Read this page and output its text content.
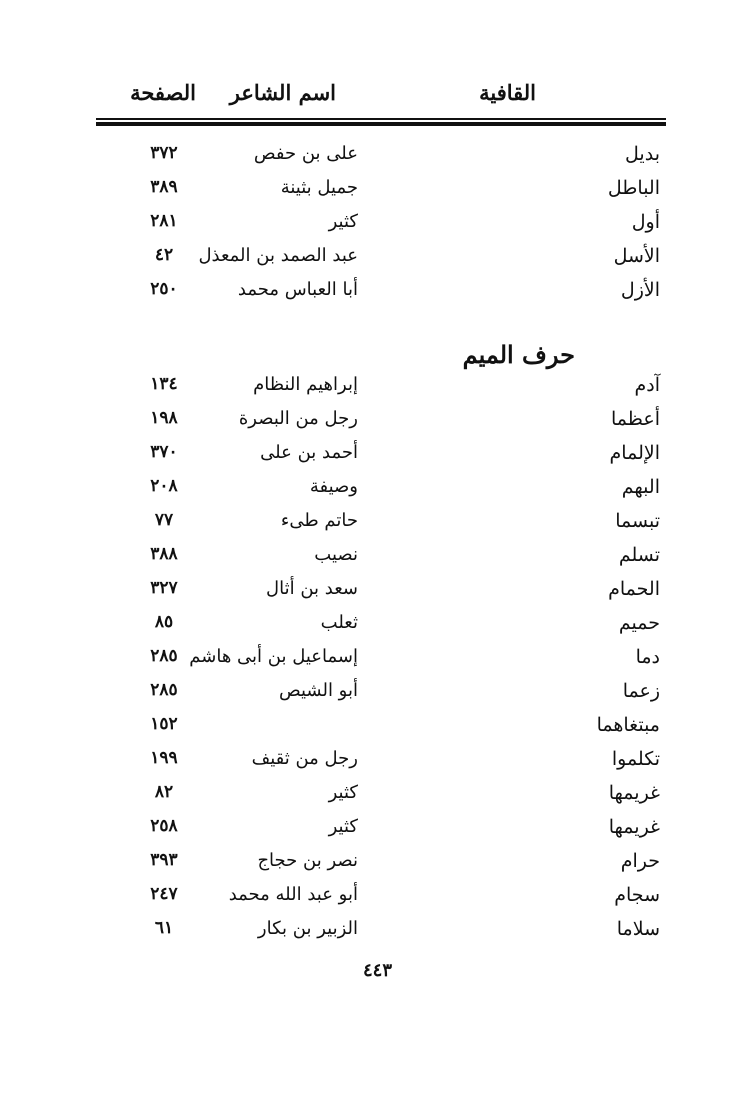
القافية
اسم الشاعر
الصفحة
بديل
على بن حفص
٣٧٢
الباطل
جميل بثينة
٣٨٩
أول
كثير
٢٨١
الأسل
عبد الصمد بن المعذل
٤٢
الأزل
أبا العباس محمد
٢٥٠
حرف الميم
آدم
إبراهيم النظام
١٣٤
أعظما
رجل من البصرة
١٩٨
الإلمام
أحمد بن على
٣٧٠
البهم
وصيفة
٢٠٨
تبسما
حاتم طىء
٧٧
تسلم
نصيب
٣٨٨
الحمام
سعد بن أثال
٣٢٧
حميم
ثعلب
٨٥
دما
إسماعيل بن أبى هاشم
٢٨٥
زعما
أبو الشيص
٢٨٥
مبتغاهما
١٥٢
تكلموا
رجل من ثقيف
١٩٩
غريمها
كثير
٨٢
غريمها
كثير
٢٥٨
حرام
نصر بن حجاج
٣٩٣
سجام
أبو عبد الله محمد
٢٤٧
سلاما
الزبير بن بكار
٦١
٤٤٣
